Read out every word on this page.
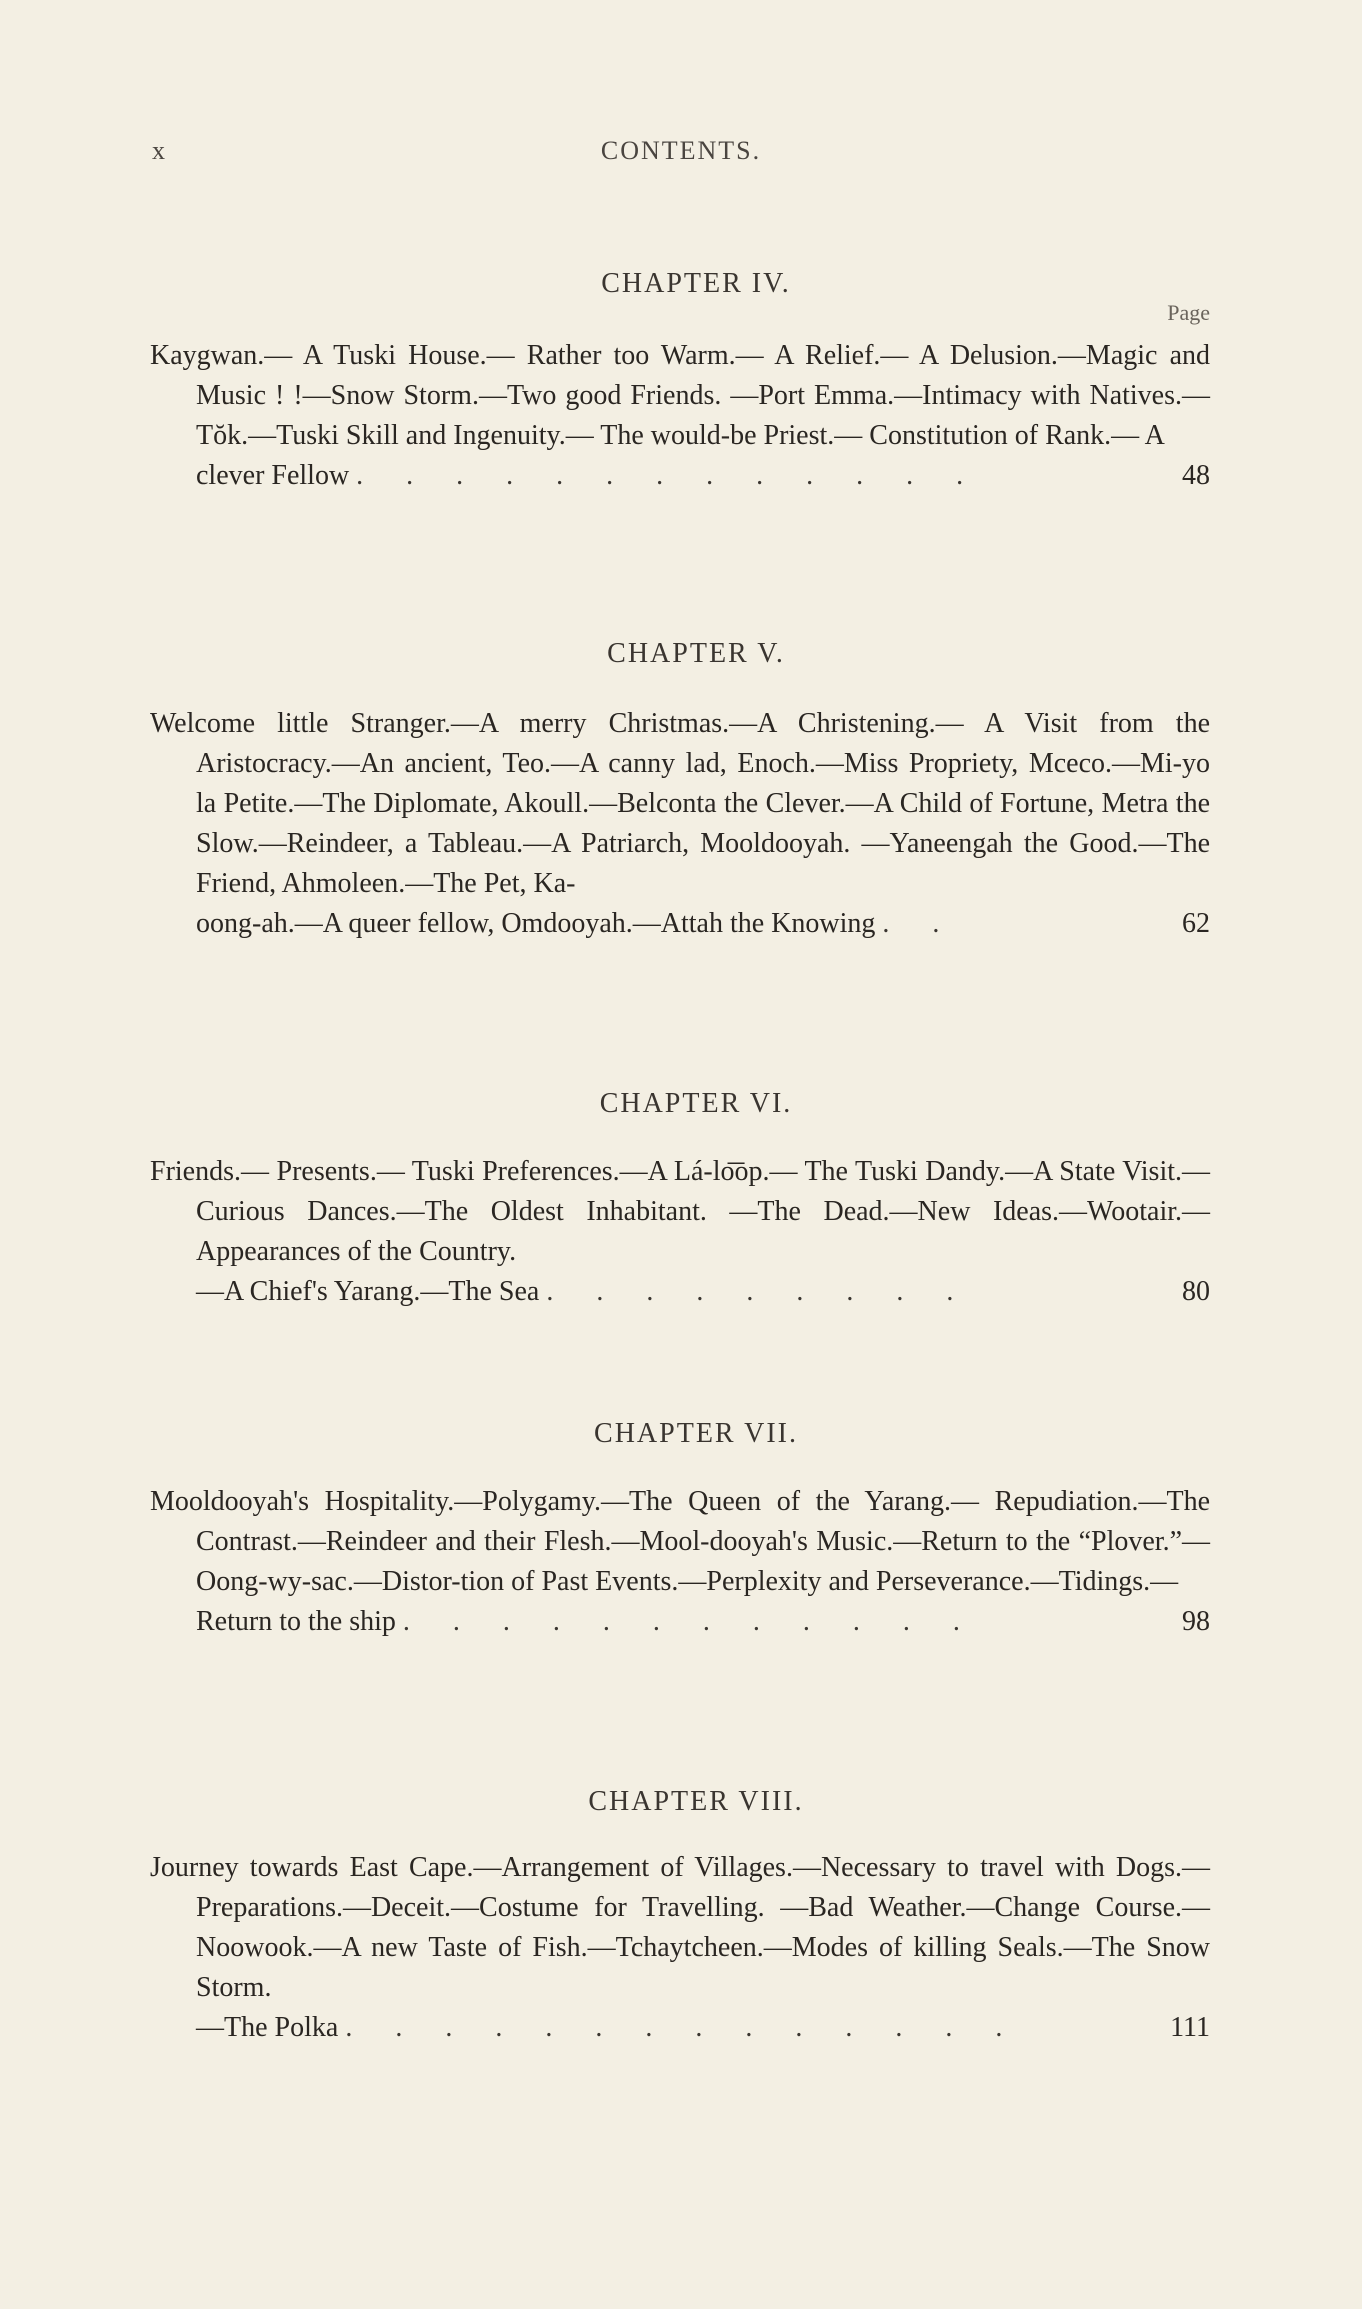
x	CONTENTS.
CHAPTER IV.
Page
Kaygwan.— A Tuski House.— Rather too Warm.— A Relief.— A Delusion.—Magic and Music ! !—Snow Storm.—Two good Friends. —Port Emma.—Intimacy with Natives.—Tŏk.—Tuski Skill and Ingenuity.— The would-be Priest.— Constitution of Rank.— A
clever Fellow . . . . . . . . . . . . .	48
CHAPTER V.
Welcome little Stranger.—A merry Christmas.—A Christening.— A Visit from the Aristocracy.—An ancient, Teo.—A canny lad, Enoch.—Miss Propriety, Mceco.—Mi-yo la Petite.—The Diplomate, Akoull.—Belconta the Clever.—A Child of Fortune, Metra the Slow.—Reindeer, a Tableau.—A Patriarch, Mooldooyah. —Yaneengah the Good.—The Friend, Ahmoleen.—The Pet, Ka-
oong-ah.—A queer fellow, Omdooyah.—Attah the Knowing . .	62
CHAPTER VI.
Friends.— Presents.— Tuski Preferences.—A Lá-lo͞op.— The Tuski Dandy.—A State Visit.—Curious Dances.—The Oldest Inhabitant. —The Dead.—New Ideas.—Wootair.—Appearances of the Country.
—A Chief's Yarang.—The Sea . . . . . . . . .	80
CHAPTER VII.
Mooldooyah's Hospitality.—Polygamy.—The Queen of the Yarang.— Repudiation.—The Contrast.—Reindeer and their Flesh.—Mool-dooyah's Music.—Return to the “Plover.”—Oong-wy-sac.—Distor-tion of Past Events.—Perplexity and Perseverance.—Tidings.—
Return to the ship . . . . . . . . . . . .	98
CHAPTER VIII.
Journey towards East Cape.—Arrangement of Villages.—Necessary to travel with Dogs.—Preparations.—Deceit.—Costume for Travelling. —Bad Weather.—Change Course.—Noowook.—A new Taste of Fish.—Tchaytcheen.—Modes of killing Seals.—The Snow Storm.
—The Polka . . . . . . . . . . . . . .	111
